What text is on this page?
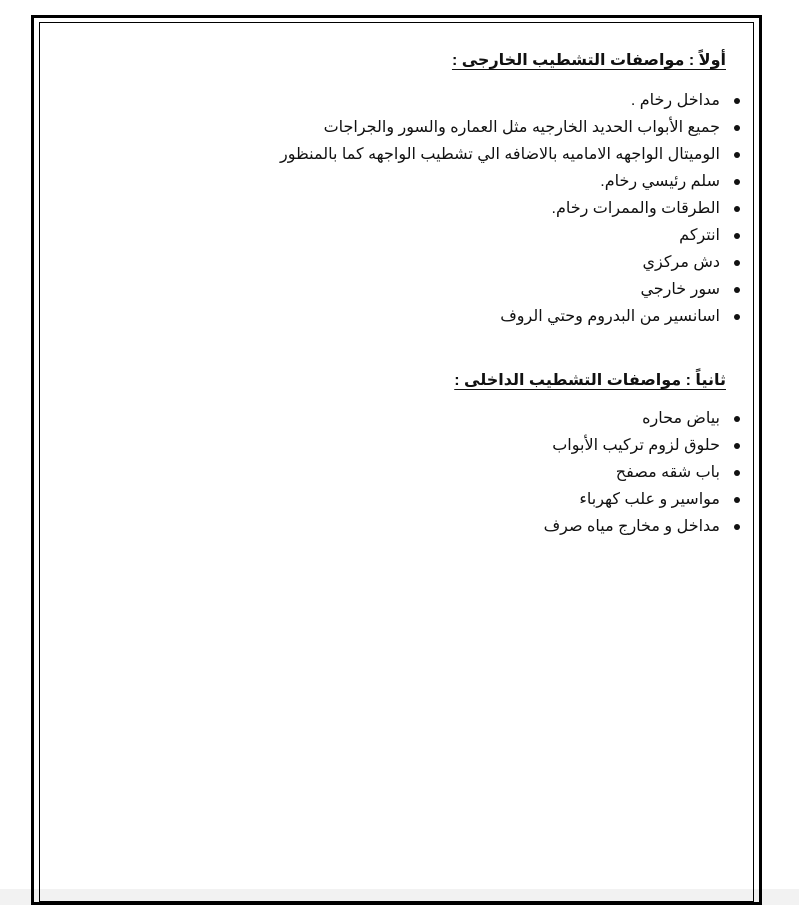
أولاً : مواصفات التشطيب الخارجى :
مداخل رخام .
جميع الأبواب الحديد الخارجيه مثل العماره والسور والجراجات
الوميتال الواجهه الاماميه بالاضافه الي تشطيب الواجهه كما بالمنظور
سلم رئيسي رخام.
الطرقات والممرات رخام.
انتركم
دش مركزي
سور خارجي
اسانسير من البدروم وحتي الروف
ثانياً : مواصفات التشطيب الداخلى :
بياض محاره
حلوق لزوم تركيب الأبواب
باب شقه مصفح
مواسير و علب كهرباء
مداخل و مخارج مياه صرف
